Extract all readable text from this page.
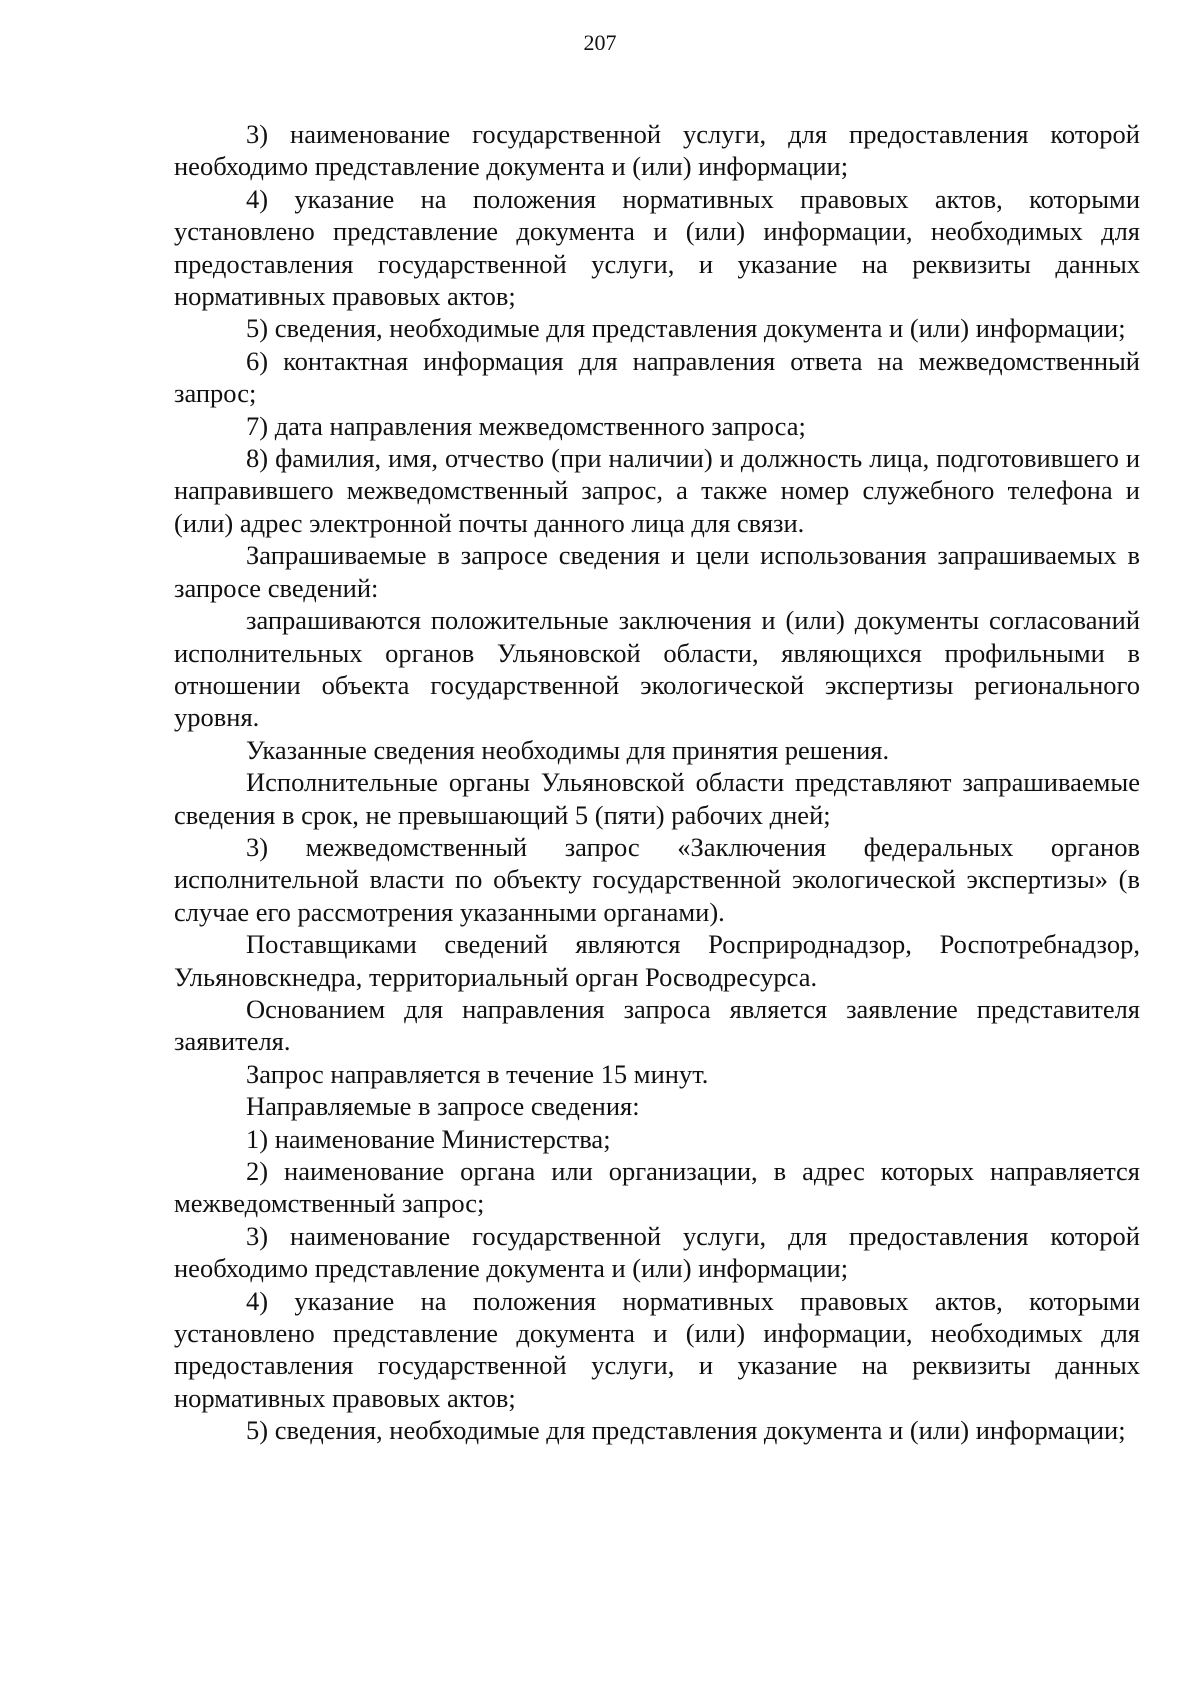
207

3) наименование государственной услуги, для предоставления которой необходимо представление документа и (или) информации;

4) указание на положения нормативных правовых актов, которыми установлено представление документа и (или) информации, необходимых для предоставления государственной услуги, и указание на реквизиты данных нормативных правовых актов;

5) сведения, необходимые для представления документа и (или) информации;

6) контактная информация для направления ответа на межведомственный запрос;

7) дата направления межведомственного запроса;

8) фамилия, имя, отчество (при наличии) и должность лица, подготовившего и направившего межведомственный запрос, а также номер служебного телефона и (или) адрес электронной почты данного лица для связи.

Запрашиваемые в запросе сведения и цели использования запрашиваемых в запросе сведений:

запрашиваются положительные заключения и (или) документы согласований исполнительных органов Ульяновской области, являющихся профильными в отношении объекта государственной экологической экспертизы регионального уровня.

Указанные сведения необходимы для принятия решения.

Исполнительные органы Ульяновской области представляют запрашиваемые сведения в срок, не превышающий 5 (пяти) рабочих дней;

3) межведомственный запрос «Заключения федеральных органов исполнительной власти по объекту государственной экологической экспертизы» (в случае его рассмотрения указанными органами).

Поставщиками сведений являются Росприроднадзор, Роспотребнадзор, Ульяновскнедра, территориальный орган Росводресурса.

Основанием для направления запроса является заявление представителя заявителя.

Запрос направляется в течение 15 минут.

Направляемые в запросе сведения:

1) наименование Министерства;

2) наименование органа или организации, в адрес которых направляется межведомственный запрос;

3) наименование государственной услуги, для предоставления которой необходимо представление документа и (или) информации;

4) указание на положения нормативных правовых актов, которыми установлено представление документа и (или) информации, необходимых для предоставления государственной услуги, и указание на реквизиты данных нормативных правовых актов;

5) сведения, необходимые для представления документа и (или) информации;
